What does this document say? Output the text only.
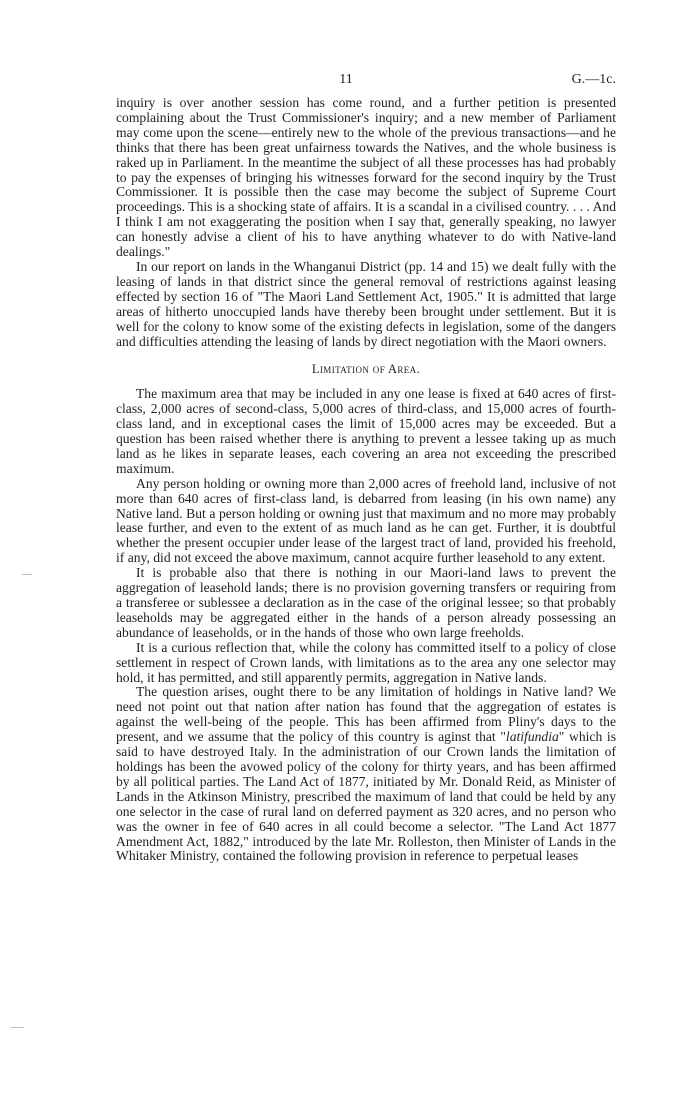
11	G.—1c.

inquiry is over another session has come round, and a further petition is presented complaining about the Trust Commissioner's inquiry; and a new member of Parliament may come upon the scene—entirely new to the whole of the previous transactions—and he thinks that there has been great unfairness towards the Natives, and the whole business is raked up in Parliament. In the meantime the subject of all these processes has had probably to pay the expenses of bringing his witnesses forward for the second inquiry by the Trust Commissioner. It is possible then the case may become the subject of Supreme Court proceedings. This is a shocking state of affairs. It is a scandal in a civilised country. . . . And I think I am not exaggerating the position when I say that, generally speaking, no lawyer can honestly advise a client of his to have anything whatever to do with Native-land dealings."

In our report on lands in the Whanganui District (pp. 14 and 15) we dealt fully with the leasing of lands in that district since the general removal of restrictions against leasing effected by section 16 of "The Maori Land Settlement Act, 1905." It is admitted that large areas of hitherto unoccupied lands have thereby been brought under settlement. But it is well for the colony to know some of the existing defects in legislation, some of the dangers and difficulties attending the leasing of lands by direct negotiation with the Maori owners.

Limitation of Area.

The maximum area that may be included in any one lease is fixed at 640 acres of first-class, 2,000 acres of second-class, 5,000 acres of third-class, and 15,000 acres of fourth-class land, and in exceptional cases the limit of 15,000 acres may be exceeded. But a question has been raised whether there is anything to prevent a lessee taking up as much land as he likes in separate leases, each covering an area not exceeding the prescribed maximum.

Any person holding or owning more than 2,000 acres of freehold land, inclusive of not more than 640 acres of first-class land, is debarred from leasing (in his own name) any Native land. But a person holding or owning just that maximum and no more may probably lease further, and even to the extent of as much land as he can get. Further, it is doubtful whether the present occupier under lease of the largest tract of land, provided his freehold, if any, did not exceed the above maximum, cannot acquire further leasehold to any extent.

It is probable also that there is nothing in our Maori-land laws to prevent the aggregation of leasehold lands; there is no provision governing transfers or requiring from a transferee or sublessee a declaration as in the case of the original lessee; so that probably leaseholds may be aggregated either in the hands of a person already possessing an abundance of leaseholds, or in the hands of those who own large freeholds.

It is a curious reflection that, while the colony has committed itself to a policy of close settlement in respect of Crown lands, with limitations as to the area any one selector may hold, it has permitted, and still apparently permits, aggregation in Native lands.

The question arises, ought there to be any limitation of holdings in Native land? We need not point out that nation after nation has found that the aggregation of estates is against the well-being of the people. This has been affirmed from Pliny's days to the present, and we assume that the policy of this country is aginst that "latifundia" which is said to have destroyed Italy. In the administration of our Crown lands the limitation of holdings has been the avowed policy of the colony for thirty years, and has been affirmed by all political parties. The Land Act of 1877, initiated by Mr. Donald Reid, as Minister of Lands in the Atkinson Ministry, prescribed the maximum of land that could be held by any one selector in the case of rural land on deferred payment as 320 acres, and no person who was the owner in fee of 640 acres in all could become a selector. "The Land Act 1877 Amendment Act, 1882," introduced by the late Mr. Rolleston, then Minister of Lands in the Whitaker Ministry, contained the following provision in reference to perpetual leases
